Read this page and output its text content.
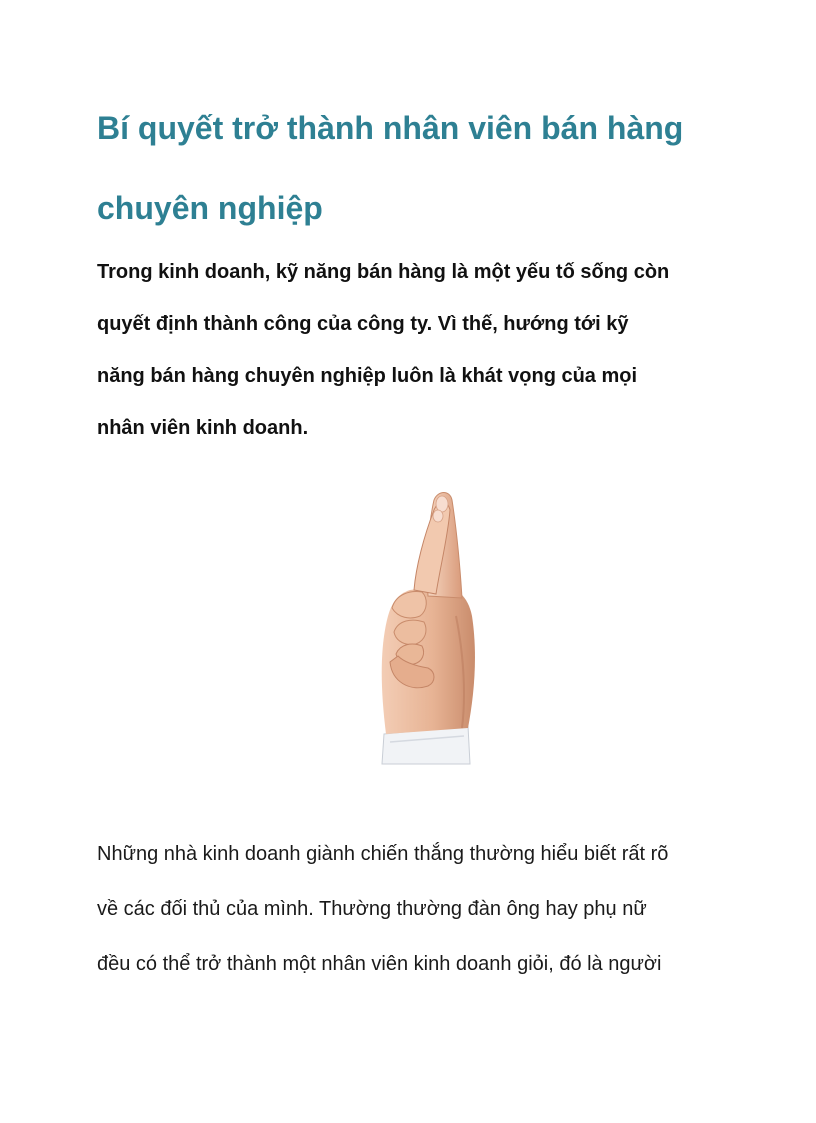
Bí quyết trở thành nhân viên bán hàng
chuyên nghiệp

Trong kinh doanh, kỹ năng bán hàng là một yếu tố sống còn
quyết định thành công của công ty. Vì thế, hướng tới kỹ
năng bán hàng chuyên nghiệp luôn là khát vọng của mọi
nhân viên kinh doanh.

Những nhà kinh doanh giành chiến thắng thường hiểu biết rất rõ
về các đối thủ của mình. Thường thường đàn ông hay phụ nữ
đều có thể trở thành một nhân viên kinh doanh giỏi, đó là người
